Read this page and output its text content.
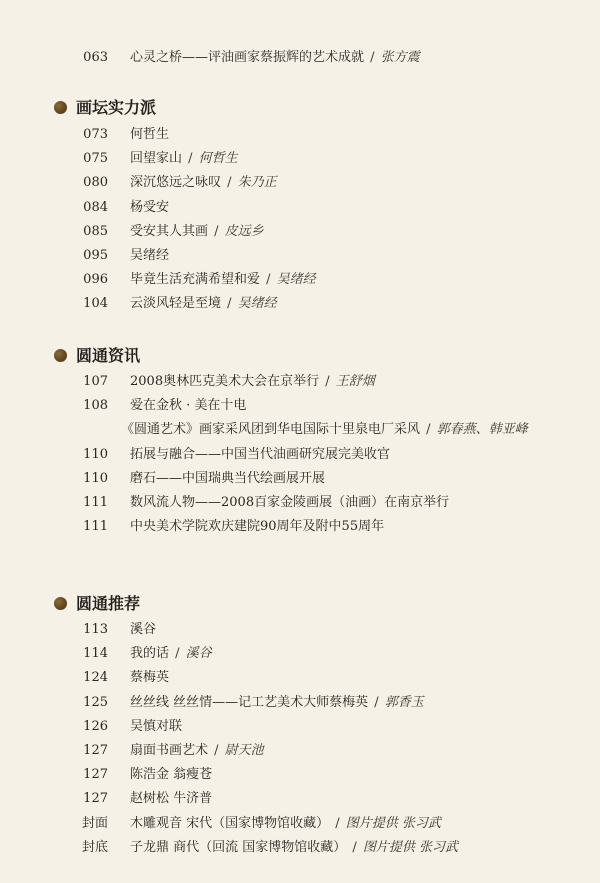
063 心灵之桥——评油画家蔡振辉的艺术成就 / 张方震
画坛实力派
073 何哲生
075 回望家山 / 何哲生
080 深沉悠远之咏叹 / 朱乃正
084 杨受安
085 受安其人其画 / 皮远乡
095 吴绪经
096 毕竟生活充满希望和爱 / 吴绪经
104 云淡风轻是至境 / 吴绪经
圆通资讯
107 2008奥林匹克美术大会在京举行 / 王舒烟
108 爱在金秋 · 美在十电
《圆通艺术》画家采风团到华电国际十里泉电厂采风 / 郭春燕、韩亚峰
110 拓展与融合——中国当代油画研究展完美收官
110 磨石——中国瑞典当代绘画展开展
111 数风流人物——2008百家金陵画展（油画）在南京举行
111 中央美术学院欢庆建院90周年及附中55周年
圆通推荐
113 溪谷
114 我的话 / 溪谷
124 蔡梅英
125 丝丝线 丝丝情——记工艺美术大师蔡梅英 / 郭香玉
126 吴慎对联
127 扇面书画艺术 / 尉天池
127 陈浩金 翁瘦苍
127 赵树松 牛济普
封面 木雕观音 宋代（国家博物馆收藏） / 图片提供 张习武
封底 子龙鼎 商代（回流 国家博物馆收藏） / 图片提供 张习武
